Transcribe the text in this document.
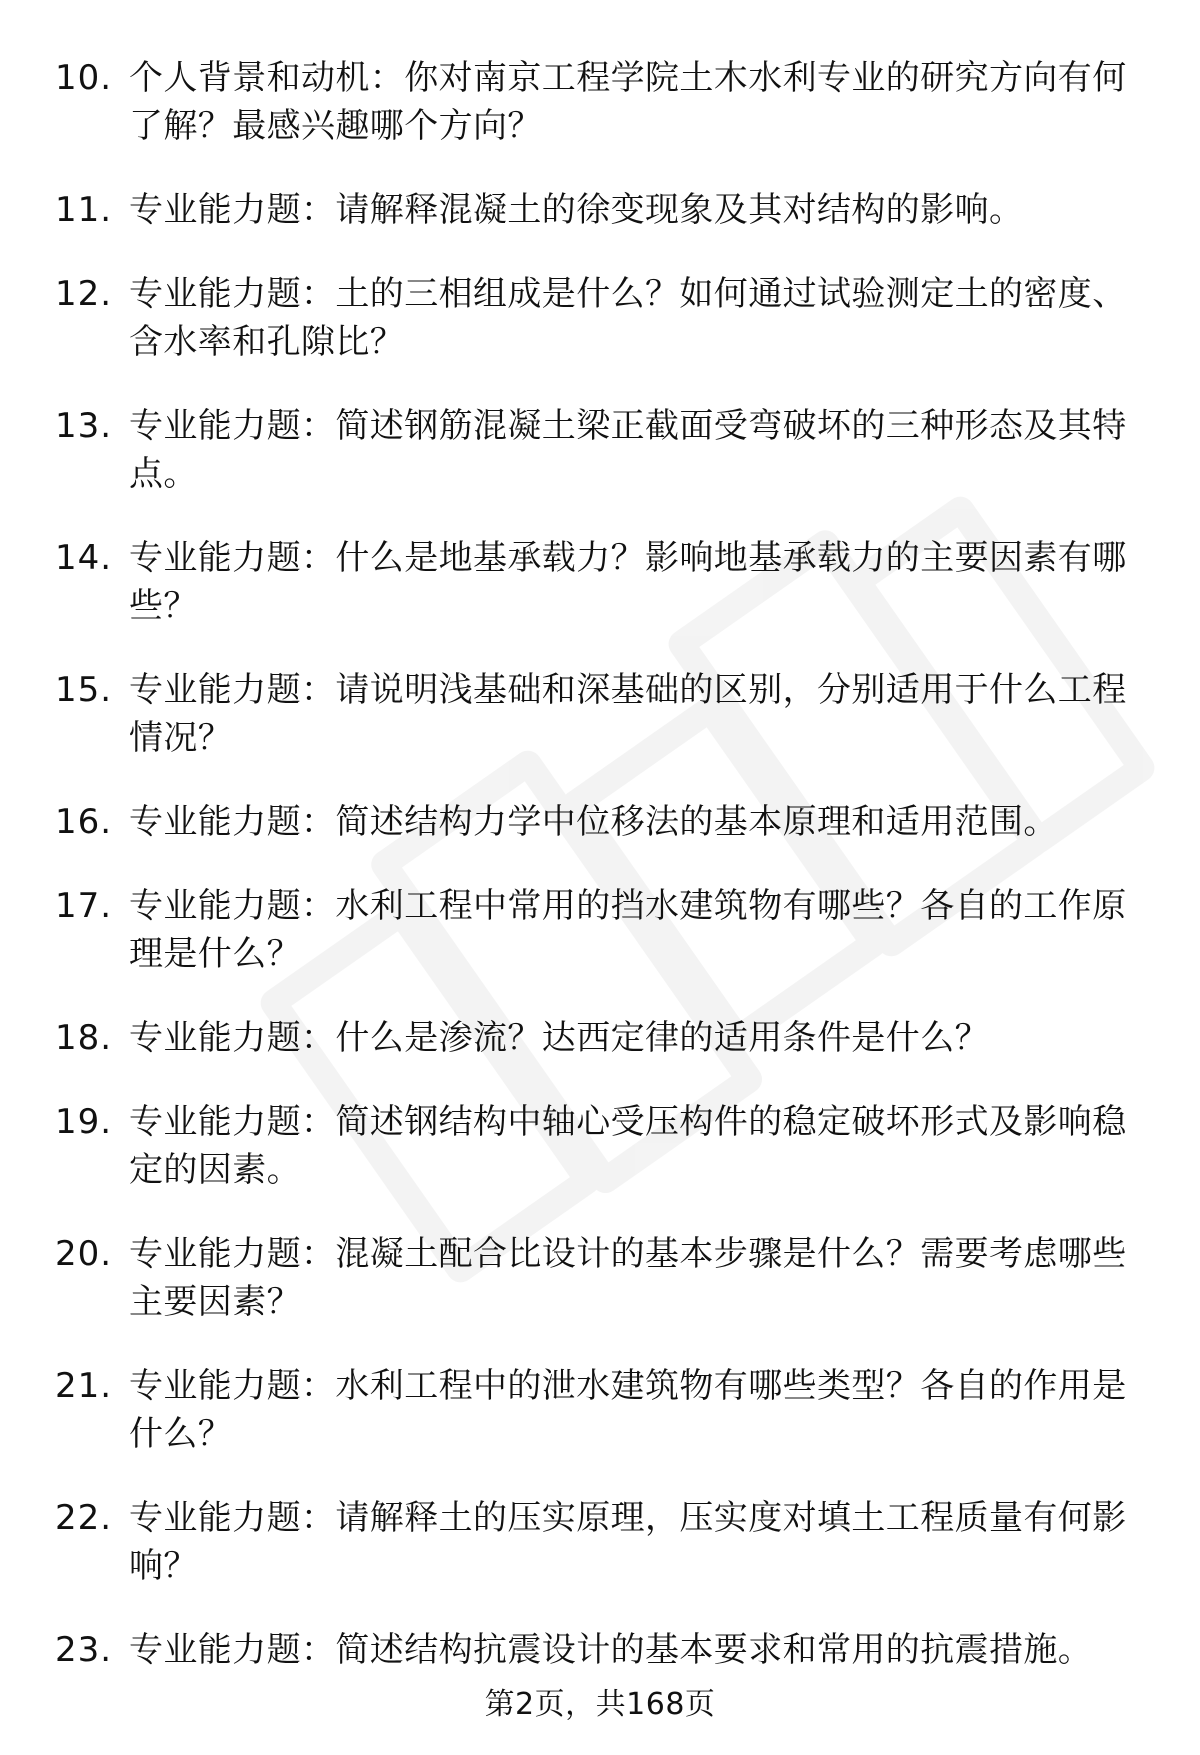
10. 个人背景和动机：你对南京工程学院土木水利专业的研究方向有何了解？最感兴趣哪个方向？
11. 专业能力题：请解释混凝土的徐变现象及其对结构的影响。
12. 专业能力题：土的三相组成是什么？如何通过试验测定土的密度、含水率和孔隙比？
13. 专业能力题：简述钢筋混凝土梁正截面受弯破坏的三种形态及其特点。
14. 专业能力题：什么是地基承载力？影响地基承载力的主要因素有哪些？
15. 专业能力题：请说明浅基础和深基础的区别，分别适用于什么工程情况？
16. 专业能力题：简述结构力学中位移法的基本原理和适用范围。
17. 专业能力题：水利工程中常用的挡水建筑物有哪些？各自的工作原理是什么？
18. 专业能力题：什么是渗流？达西定律的适用条件是什么？
19. 专业能力题：简述钢结构中轴心受压构件的稳定破坏形式及影响稳定的因素。
20. 专业能力题：混凝土配合比设计的基本步骤是什么？需要考虑哪些主要因素？
21. 专业能力题：水利工程中的泄水建筑物有哪些类型？各自的作用是什么？
22. 专业能力题：请解释土的压实原理，压实度对填土工程质量有何影响？
23. 专业能力题：简述结构抗震设计的基本要求和常用的抗震措施。
第2页，共168页
